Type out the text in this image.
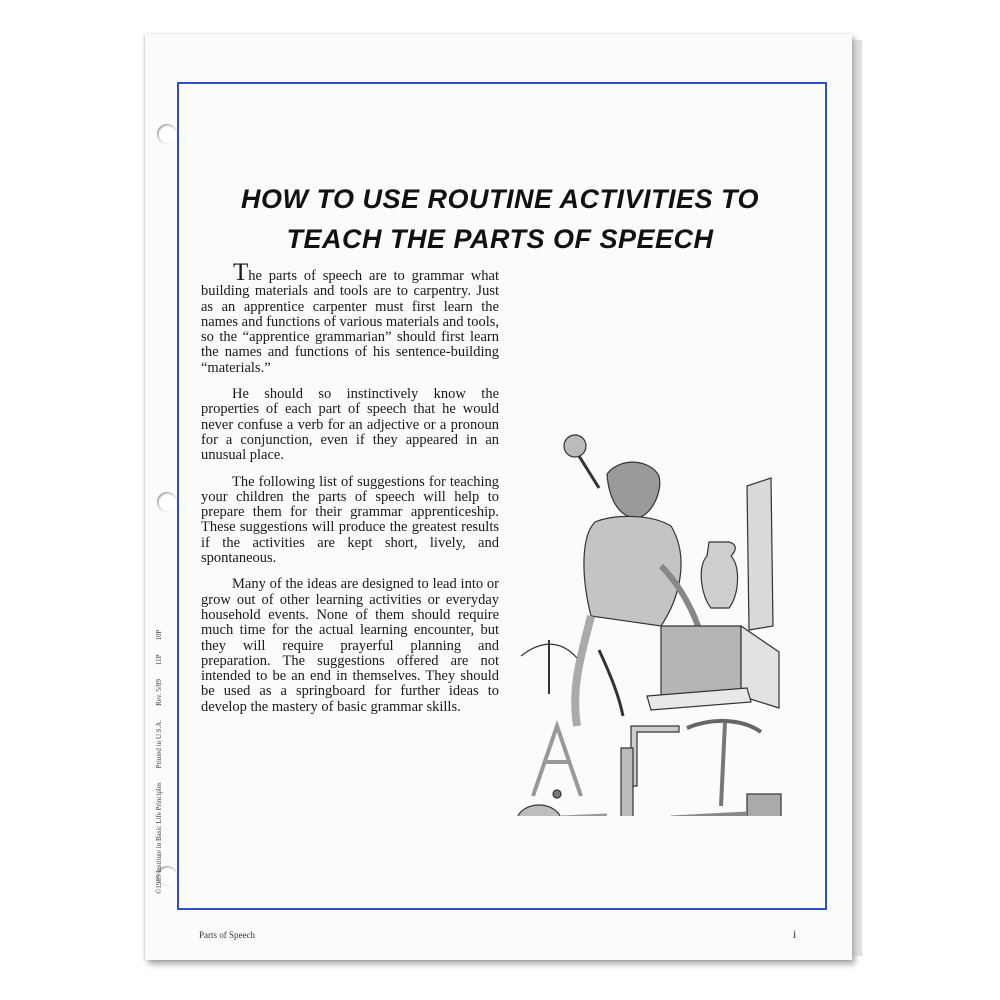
HOW TO USE ROUTINE ACTIVITIES TO
TEACH THE PARTS OF SPEECH

The parts of speech are to grammar what building materials and tools are to carpentry. Just as an apprentice carpenter must first learn the names and functions of various materials and tools, so the “apprentice grammarian” should first learn the names and functions of his sentence-building “materials.”

He should so instinctively know the properties of each part of speech that he would never confuse a verb for an adjective or a pronoun for a conjunction, even if they appeared in an unusual place.

The following list of suggestions for teaching your children the parts of speech will help to prepare them for their grammar apprenticeship. These suggestions will produce the greatest results if the activities are kept short, lively, and spontaneous.

Many of the ideas are designed to lead into or grow out of other learning activities or everyday household events. None of them should require much time for the actual learning encounter, but they will require prayerful planning and preparation. The suggestions offered are not intended to be an end in themselves. They should be used as a springboard for further ideas to develop the mastery of basic grammar skills.

©1985 Institute in Basic Life Principles
Printed in U.S.A.
Rev. 5/89
11P
10P
Parts of Speech	i
